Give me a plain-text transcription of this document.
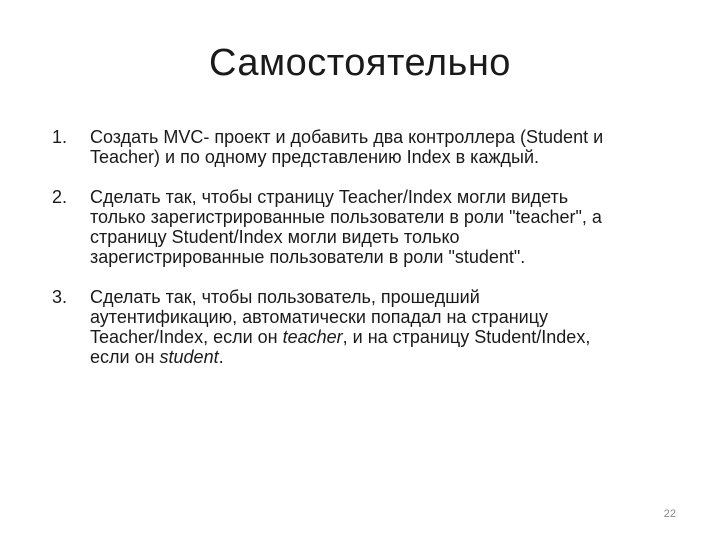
Самостоятельно
1.	Создать MVC- проект и добавить два контроллера (Student и
Teacher) и по одному представлению Index в каждый.
2.	Сделать так, чтобы страницу Teacher/Index могли видеть
только зарегистрированные пользователи в роли "teacher", а
страницу Student/Index могли видеть только
зарегистрированные пользователи в роли "student".
3.	Сделать так, чтобы пользователь, прошедший
аутентификацию, автоматически попадал на страницу
Teacher/Index, если он teacher, и на страницу Student/Index,
если он student.
22
